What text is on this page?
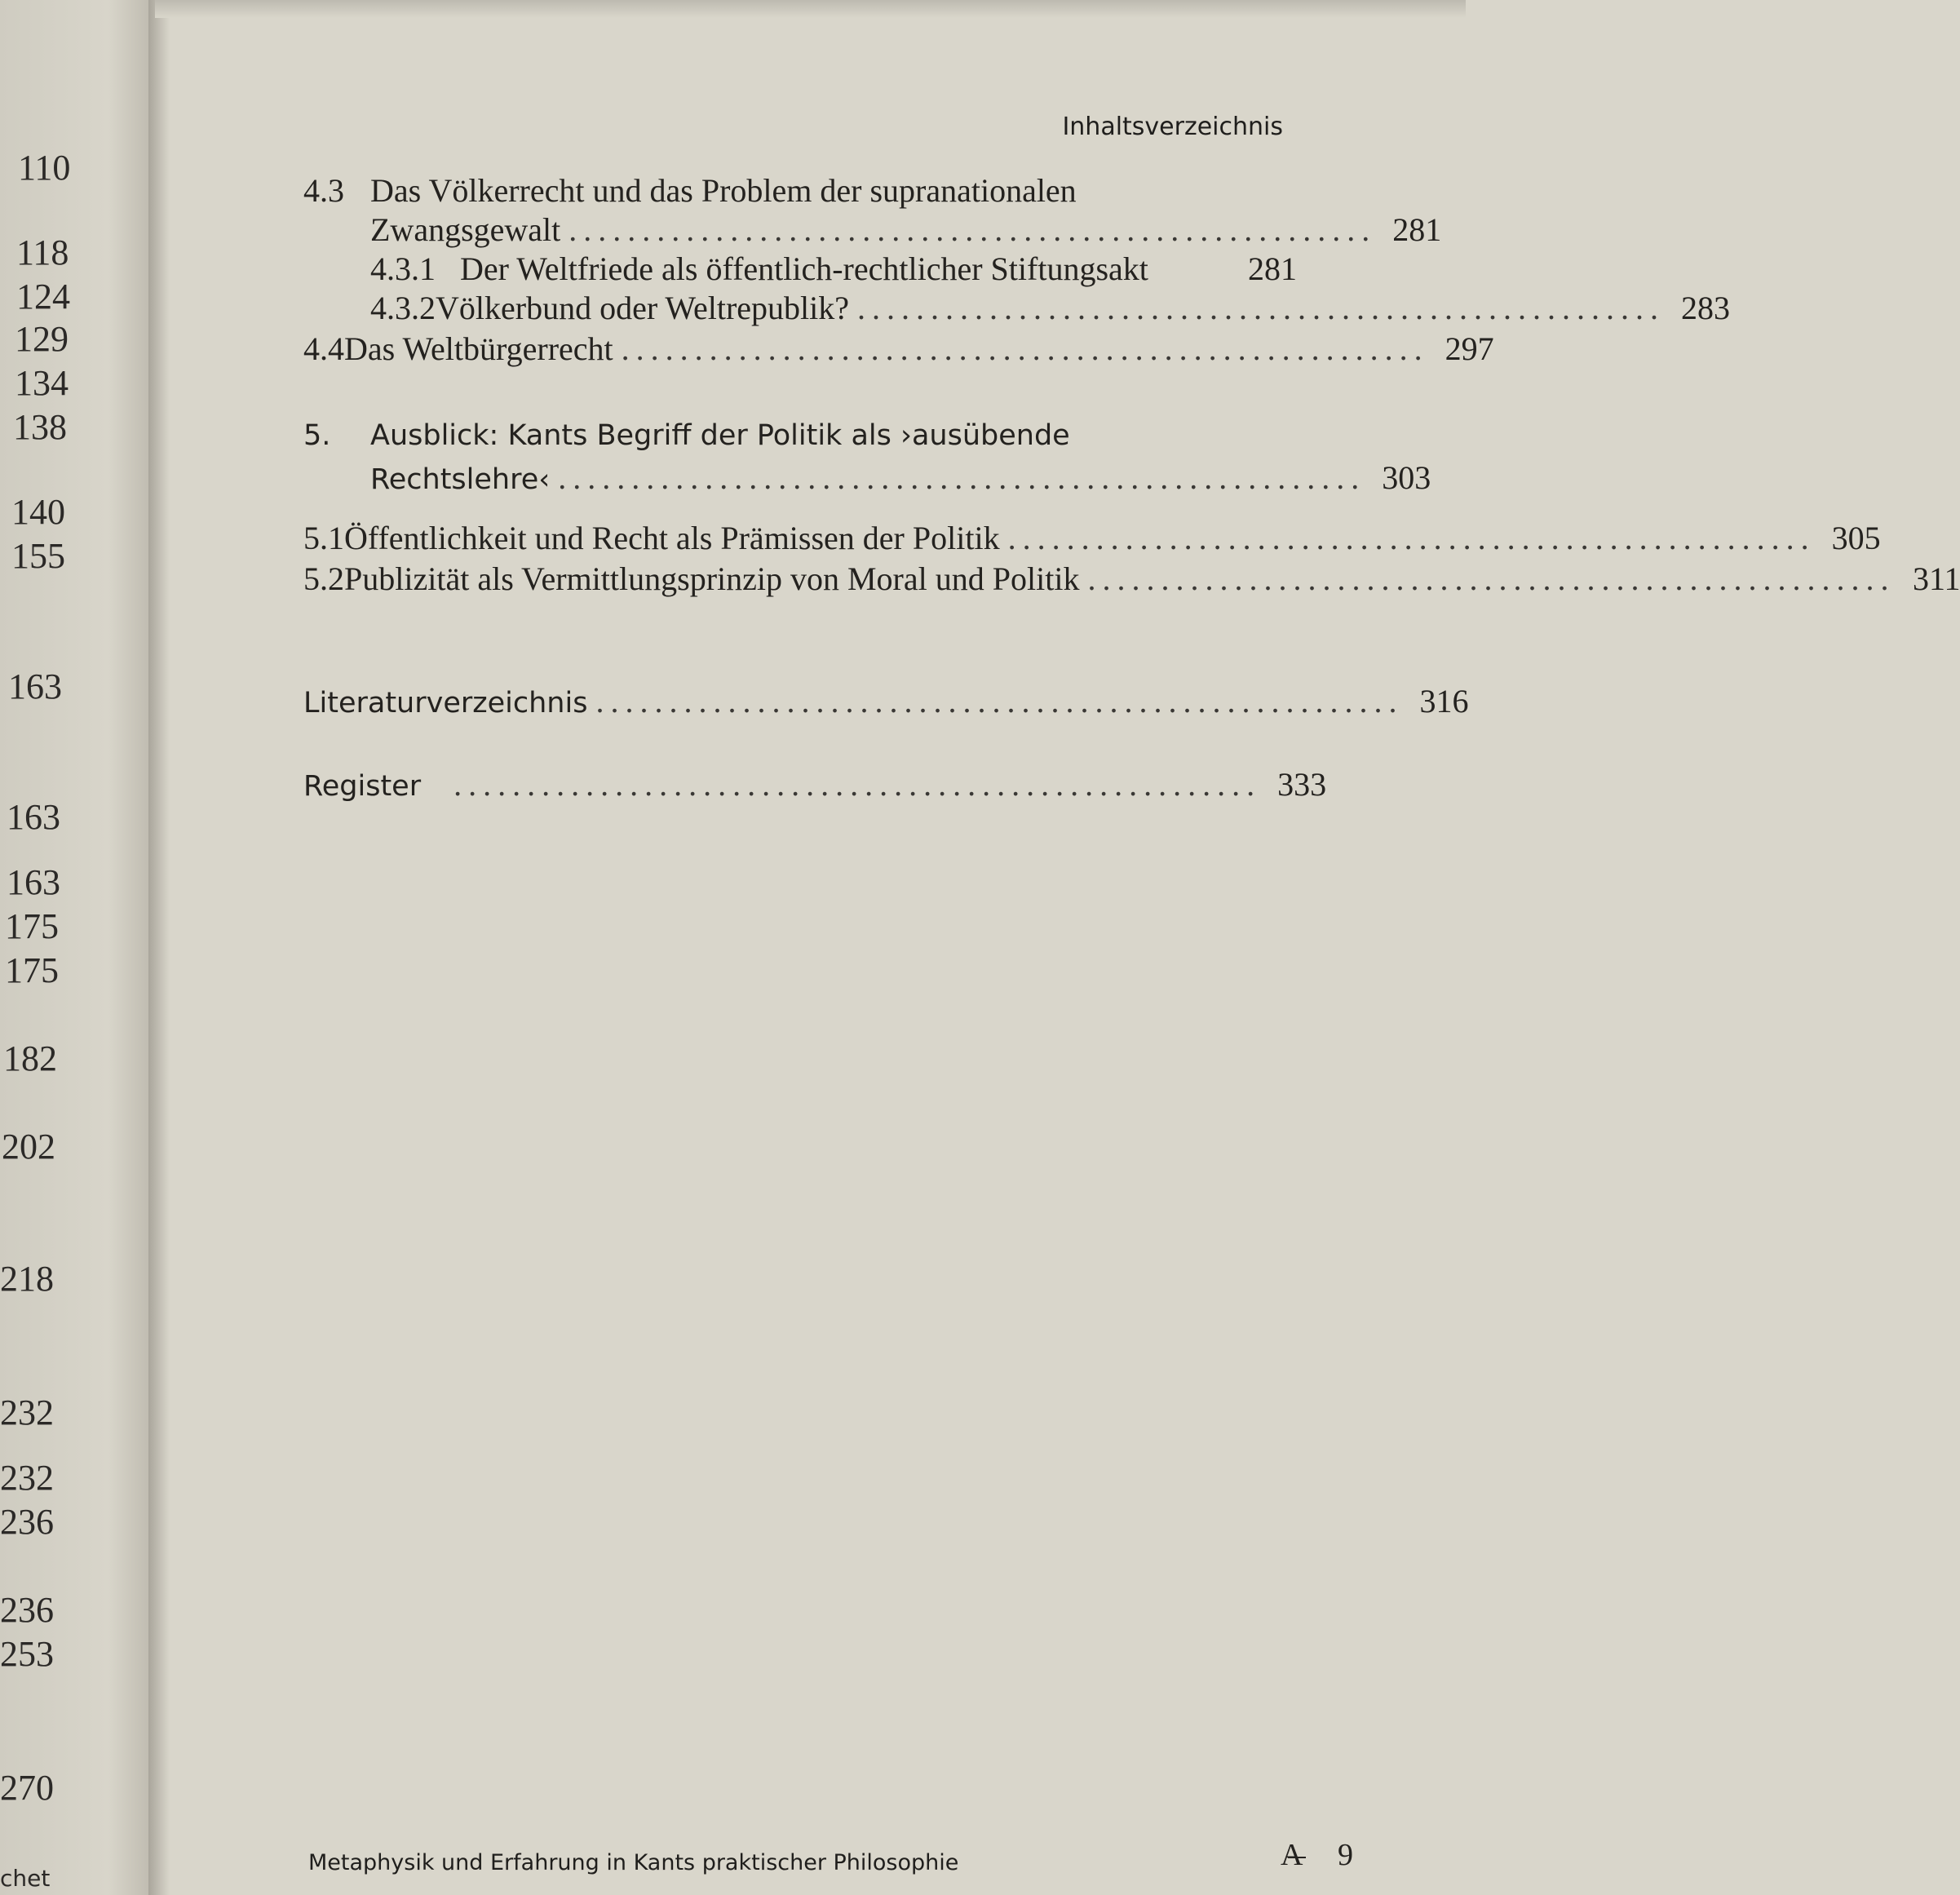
110
118
124
129
134
138
140
155
163
163
163
175
175
182
202
218
232
232
236
236
253
270
chet
Inhaltsverzeichnis
4.3 Das Völkerrecht und das Problem der supranationalen
Zwangsgewalt ....................................................... 281
4.3.1 Der Weltfriede als öffentlich-rechtlicher Stiftungsakt	281
4.3.2 Völkerbund oder Weltrepublik? ....................................................... 283
4.4 Das Weltbürgerrecht ....................................................... 297
5.	Ausblick: Kants Begriff der Politik als ›ausübende
Rechtslehre‹ ....................................................... 303
5.1 Öffentlichkeit und Recht als Prämissen der Politik ....................................................... 305
5.2 Publizität als Vermittlungsprinzip von Moral und Politik ....................................................... 311
Literaturverzeichnis ....................................................... 316
Register ....................................................... 333
Metaphysik und Erfahrung in Kants praktischer Philosophie	A 9
